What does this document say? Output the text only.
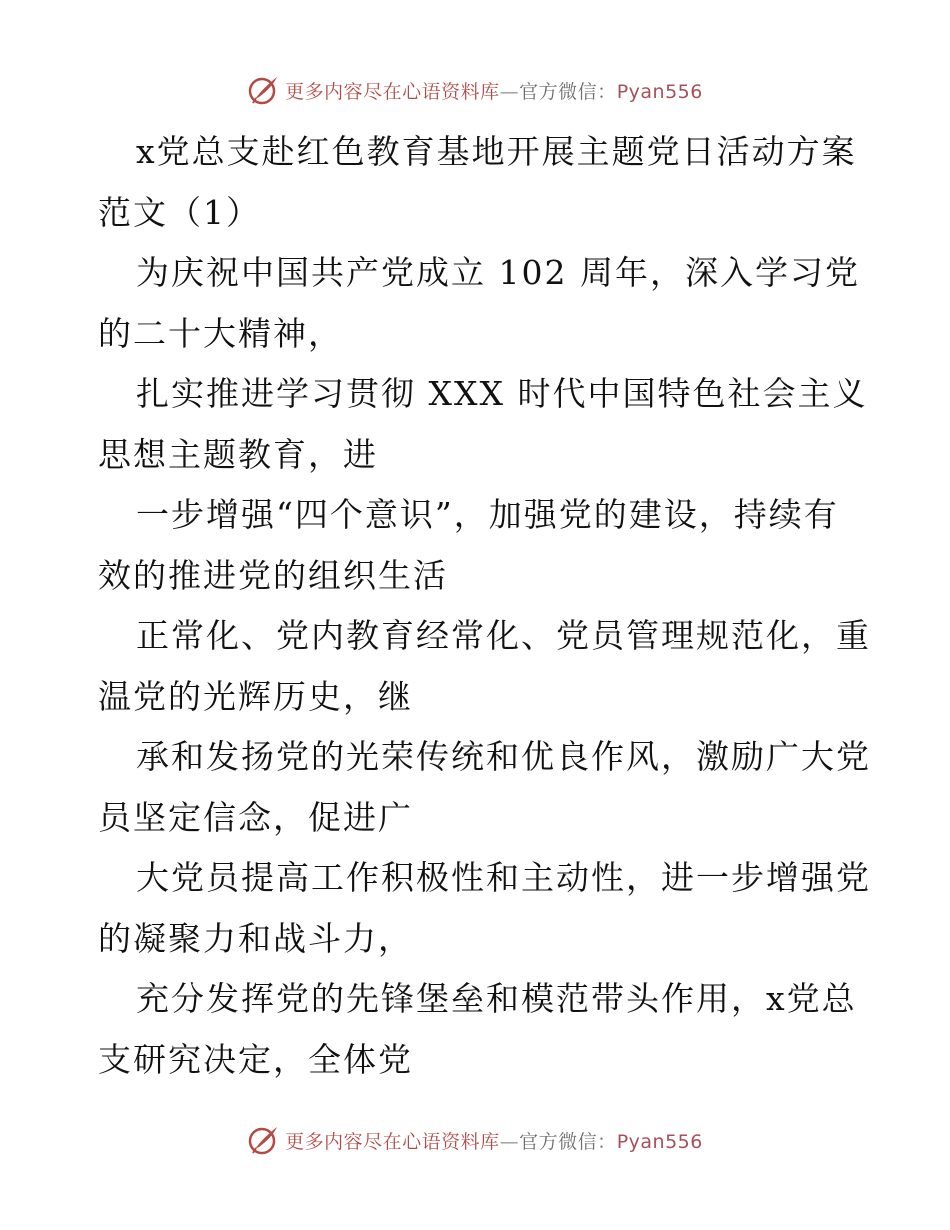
更多内容尽在心语资料库—官方微信：Pyan556
x党总支赴红色教育基地开展主题党日活动方案
范文（1）
为庆祝中国共产党成立 102 周年，深入学习党
的二十大精神，
扎实推进学习贯彻 XXX 时代中国特色社会主义
思想主题教育，进
一步增强“四个意识”，加强党的建设，持续有
效的推进党的组织生活
正常化、党内教育经常化、党员管理规范化，重
温党的光辉历史，继
承和发扬党的光荣传统和优良作风，激励广大党
员坚定信念，促进广
大党员提高工作积极性和主动性，进一步增强党
的凝聚力和战斗力，
充分发挥党的先锋堡垒和模范带头作用，x党总
支研究决定，全体党
更多内容尽在心语资料库—官方微信：Pyan556
